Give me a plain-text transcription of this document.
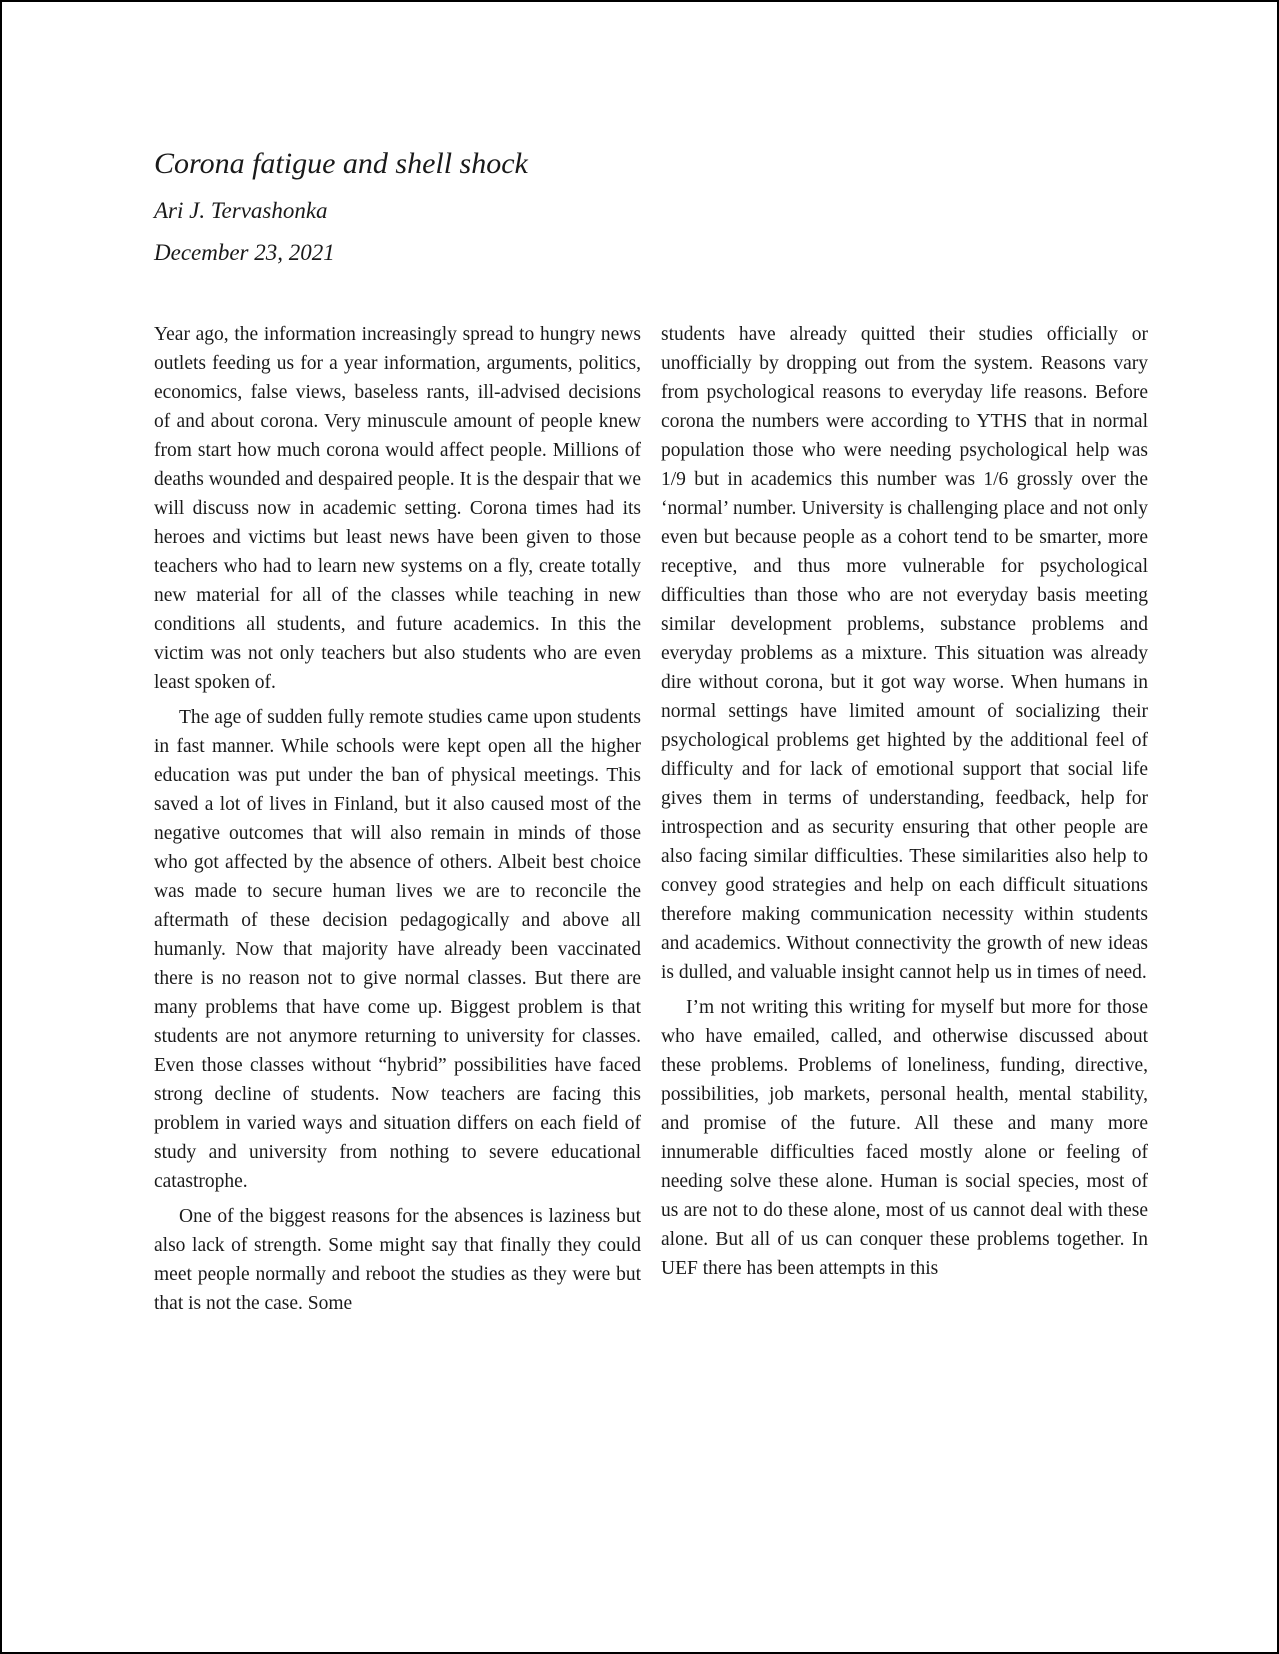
Corona fatigue and shell shock
Ari J. Tervashonka
December 23, 2021

Year ago, the information increasingly spread to hungry news outlets feeding us for a year information, arguments, politics, economics, false views, baseless rants, ill-advised decisions of and about corona. Very minuscule amount of people knew from start how much corona would affect people. Millions of deaths wounded and despaired people. It is the despair that we will discuss now in academic setting. Corona times had its heroes and victims but least news have been given to those teachers who had to learn new systems on a fly, create totally new material for all of the classes while teaching in new conditions all students, and future academics. In this the victim was not only teachers but also students who are even least spoken of.

The age of sudden fully remote studies came upon students in fast manner. While schools were kept open all the higher education was put under the ban of physical meetings. This saved a lot of lives in Finland, but it also caused most of the negative outcomes that will also remain in minds of those who got affected by the absence of others. Albeit best choice was made to secure human lives we are to reconcile the aftermath of these decision pedagogically and above all humanly. Now that majority have already been vaccinated there is no reason not to give normal classes. But there are many problems that have come up. Biggest problem is that students are not anymore returning to university for classes. Even those classes without “hybrid” possibilities have faced strong decline of students. Now teachers are facing this problem in varied ways and situation differs on each field of study and university from nothing to severe educational catastrophe.

One of the biggest reasons for the absences is laziness but also lack of strength. Some might say that finally they could meet people normally and reboot the studies as they were but that is not the case. Some

students have already quitted their studies officially or unofficially by dropping out from the system. Reasons vary from psychological reasons to everyday life reasons. Before corona the numbers were according to YTHS that in normal population those who were needing psychological help was 1/9 but in academics this number was 1/6 grossly over the ‘normal’ number. University is challenging place and not only even but because people as a cohort tend to be smarter, more receptive, and thus more vulnerable for psychological difficulties than those who are not everyday basis meeting similar development problems, substance problems and everyday problems as a mixture. This situation was already dire without corona, but it got way worse. When humans in normal settings have limited amount of socializing their psychological problems get highted by the additional feel of difficulty and for lack of emotional support that social life gives them in terms of understanding, feedback, help for introspection and as security ensuring that other people are also facing similar difficulties. These similarities also help to convey good strategies and help on each difficult situations therefore making communication necessity within students and academics. Without connectivity the growth of new ideas is dulled, and valuable insight cannot help us in times of need.

I’m not writing this writing for myself but more for those who have emailed, called, and otherwise discussed about these problems. Problems of loneliness, funding, directive, possibilities, job markets, personal health, mental stability, and promise of the future. All these and many more innumerable difficulties faced mostly alone or feeling of needing solve these alone. Human is social species, most of us are not to do these alone, most of us cannot deal with these alone. But all of us can conquer these problems together. In UEF there has been attempts in this
